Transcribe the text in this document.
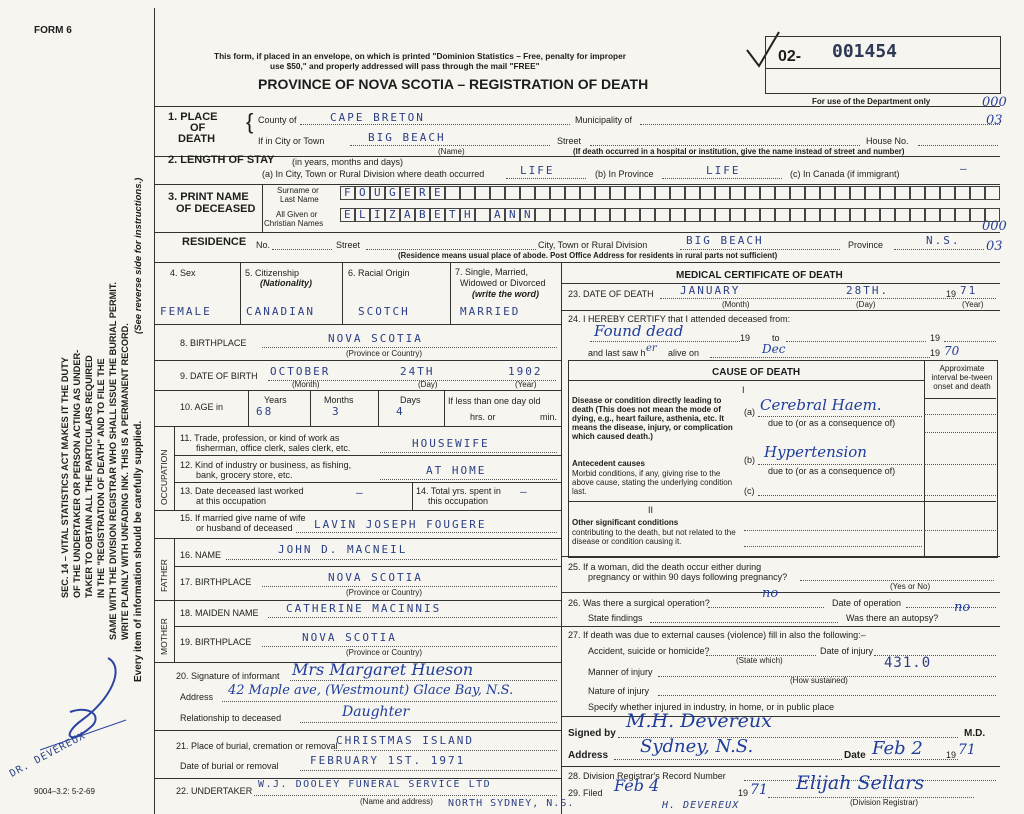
FORM 6
SEC. 14 – VITAL STATISTICS ACT MAKES IT THE DUTY OF THE UNDERTAKER OR PERSON ACTING AS UNDER- TAKER TO OBTAIN ALL THE PARTICULARS REQUIRED IN THE "REGISTRATION OF DEATH" AND TO FILE THE SAME WITH THE DIVISION REGISTRAR WHO SHALL ISSUE THE BURIAL PERMIT. WRITE PLAINLY WITH UNFADING INK. THIS IS A PERMANENT RECORD.
(See reverse side for instructions.)
Every item of information should be carefully supplied.
DR. DEVEREUX
9004–3.2: 5-2-69
This form, if placed in an envelope, on which is printed "Dominion Statistics – Free, penalty for improper
use $50," and properly addressed will pass through the mail "FREE"
PROVINCE OF NOVA SCOTIA – REGISTRATION OF DEATH
02- 001454
For use of the Department only	000
03
000
03
1. PLACE
OF
DEATH
{ County of	CAPE BRETON	Municipality of
If in City or Town	BIG BEACH
(Name)
Street	House No.
(If death occurred in a hospital or institution, give the name instead of street and number)
2. LENGTH OF STAY (in years, months and days)
(a) In City, Town or Rural Division where death occurred	LIFE	(b) In Province	LIFE	(c) In Canada (if immigrant)	—
3. PRINT NAME
OF DECEASED
Surname or
Last Name
All Given or
Christian Names
F O U G E R E
E L I Z A B E T H A N N
RESIDENCE No.	Street	City, Town or Rural Division	BIG BEACH	Province	N.S.
(Residence means usual place of abode. Post Office Address for residents in rural parts not sufficient)
4. Sex
FEMALE
5. Citizenship
(Nationality)
CANADIAN
6. Racial Origin
SCOTCH
7. Single, Married,
Widowed or Divorced
(write the word)
MARRIED
8. BIRTHPLACE	NOVA SCOTIA
(Province or Country)
9. DATE OF BIRTH OCTOBER	24TH	1902
(Month)	(Day)	(Year)
10. AGE in
Years	Months	Days
68	3	4
If less than one day old
hrs. or	min.
OCCUPATION
11. Trade, profession, or kind of work as
fisherman, office clerk, sales clerk, etc.	HOUSEWIFE
12. Kind of industry or business, as fishing,
bank, grocery store, etc.	AT HOME
13. Date deceased last worked
at this occupation
—	14. Total yrs. spent in
this occupation
—
15. If married give name of wife
or husband of deceased LAVIN JOSEPH FOUGERE
FATHER
MOTHER
16. NAME	JOHN D. MACNEIL
17. BIRTHPLACE	NOVA SCOTIA
(Province or Country)
18. MAIDEN NAME CATHERINE MACINNIS
19. BIRTHPLACE	NOVA SCOTIA
(Province or Country)
20. Signature of informant Mrs Margaret Hueson
Address 42 Maple ave, (Westmount) Glace Bay, N.S.
Relationship to deceased	Daughter
21. Place of burial, cremation or removal
CHRISTMAS ISLAND
Date of burial or removal	FEBRUARY 1ST. 1971
22. UNDERTAKER
W.J. DOOLEY FUNERAL SERVICE LTD
(Name and address) NORTH SYDNEY, N.S.
MEDICAL CERTIFICATE OF DEATH
23. DATE OF DEATH JANUARY	28TH.	19 71
(Month)	(Day)	(Year)
24. I HEREBY CERTIFY that I attended deceased from:
Found dead	19 to	19
and last saw h er alive on	Dec	19 70
CAUSE OF DEATH	Approximate interval be-tween onset and death
I
Disease or condition directly leading to death (This does not mean the mode of dying, e.g., heart failure, asthenia, etc. It means the disease, injury, or complication which caused death.)
(a) Cerebral Haem.
due to (or as a consequence of)
Antecedent causes
Morbid conditions, if any, giving rise to the above cause, stating the underlying condition last.
(b) Hypertension
due to (or as a consequence of)
(c)
II
Other significant conditions
contributing to the death, but not related to the disease or condition causing it.
25. If a woman, did the death occur either during
pregnancy or within 90 days following pregnancy?
(Yes or No)
26. Was there a surgical operation?
no
Date of operation
State findings	Was there an autopsy?
no
27. If death was due to external causes (violence) fill in also the following:–
Accident, suicide or homicide?	Date of injury
(State which)	431.0
Manner of injury
(How sustained)
Nature of injury
Specify whether injured in industry, in home, or in public place
Signed by
M.H. Devereux
M.D.
Address Sydney, N.S.	Date Feb 2	19 71
28. Division Registrar's Record Number
29. Filed Feb 4	19 71 Elijah Sellars
(Division Registrar)
H. DEVEREUX
